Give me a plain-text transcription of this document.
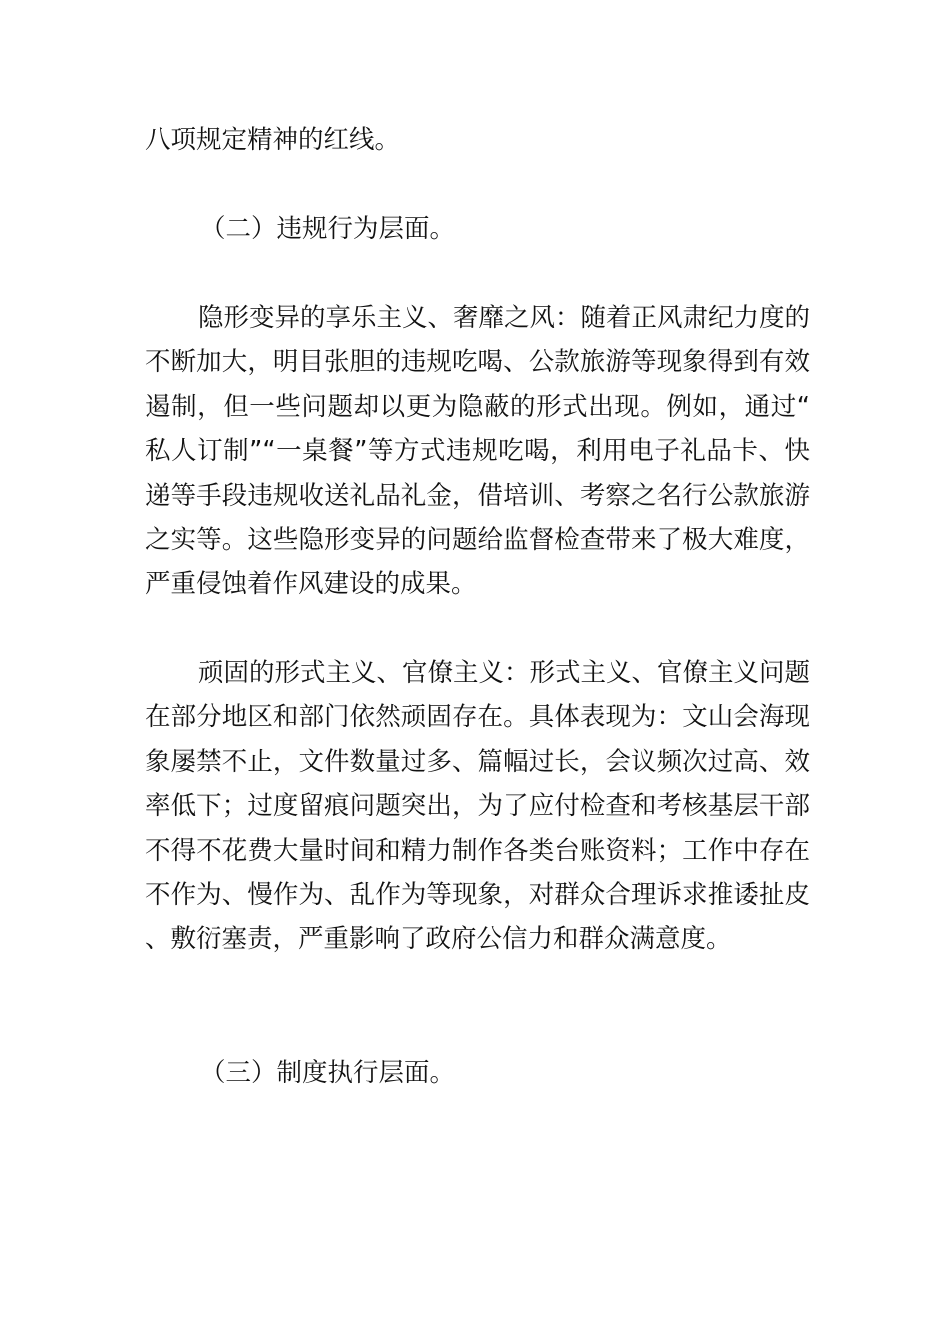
八项规定精神的红线。

（二）违规行为层面。

隐形变异的享乐主义、奢靡之风：随着正风肃纪力度的不断加大，明目张胆的违规吃喝、公款旅游等现象得到有效遏制，但一些问题却以更为隐蔽的形式出现。例如，通过“私人订制”“一桌餐”等方式违规吃喝，利用电子礼品卡、快递等手段违规收送礼品礼金，借培训、考察之名行公款旅游之实等。这些隐形变异的问题给监督检查带来了极大难度，严重侵蚀着作风建设的成果。

顽固的形式主义、官僚主义：形式主义、官僚主义问题在部分地区和部门依然顽固存在。具体表现为：文山会海现象屡禁不止，文件数量过多、篇幅过长，会议频次过高、效率低下；过度留痕问题突出，为了应付检查和考核基层干部不得不花费大量时间和精力制作各类台账资料；工作中存在不作为、慢作为、乱作为等现象，对群众合理诉求推诿扯皮、敷衍塞责，严重影响了政府公信力和群众满意度。

（三）制度执行层面。
